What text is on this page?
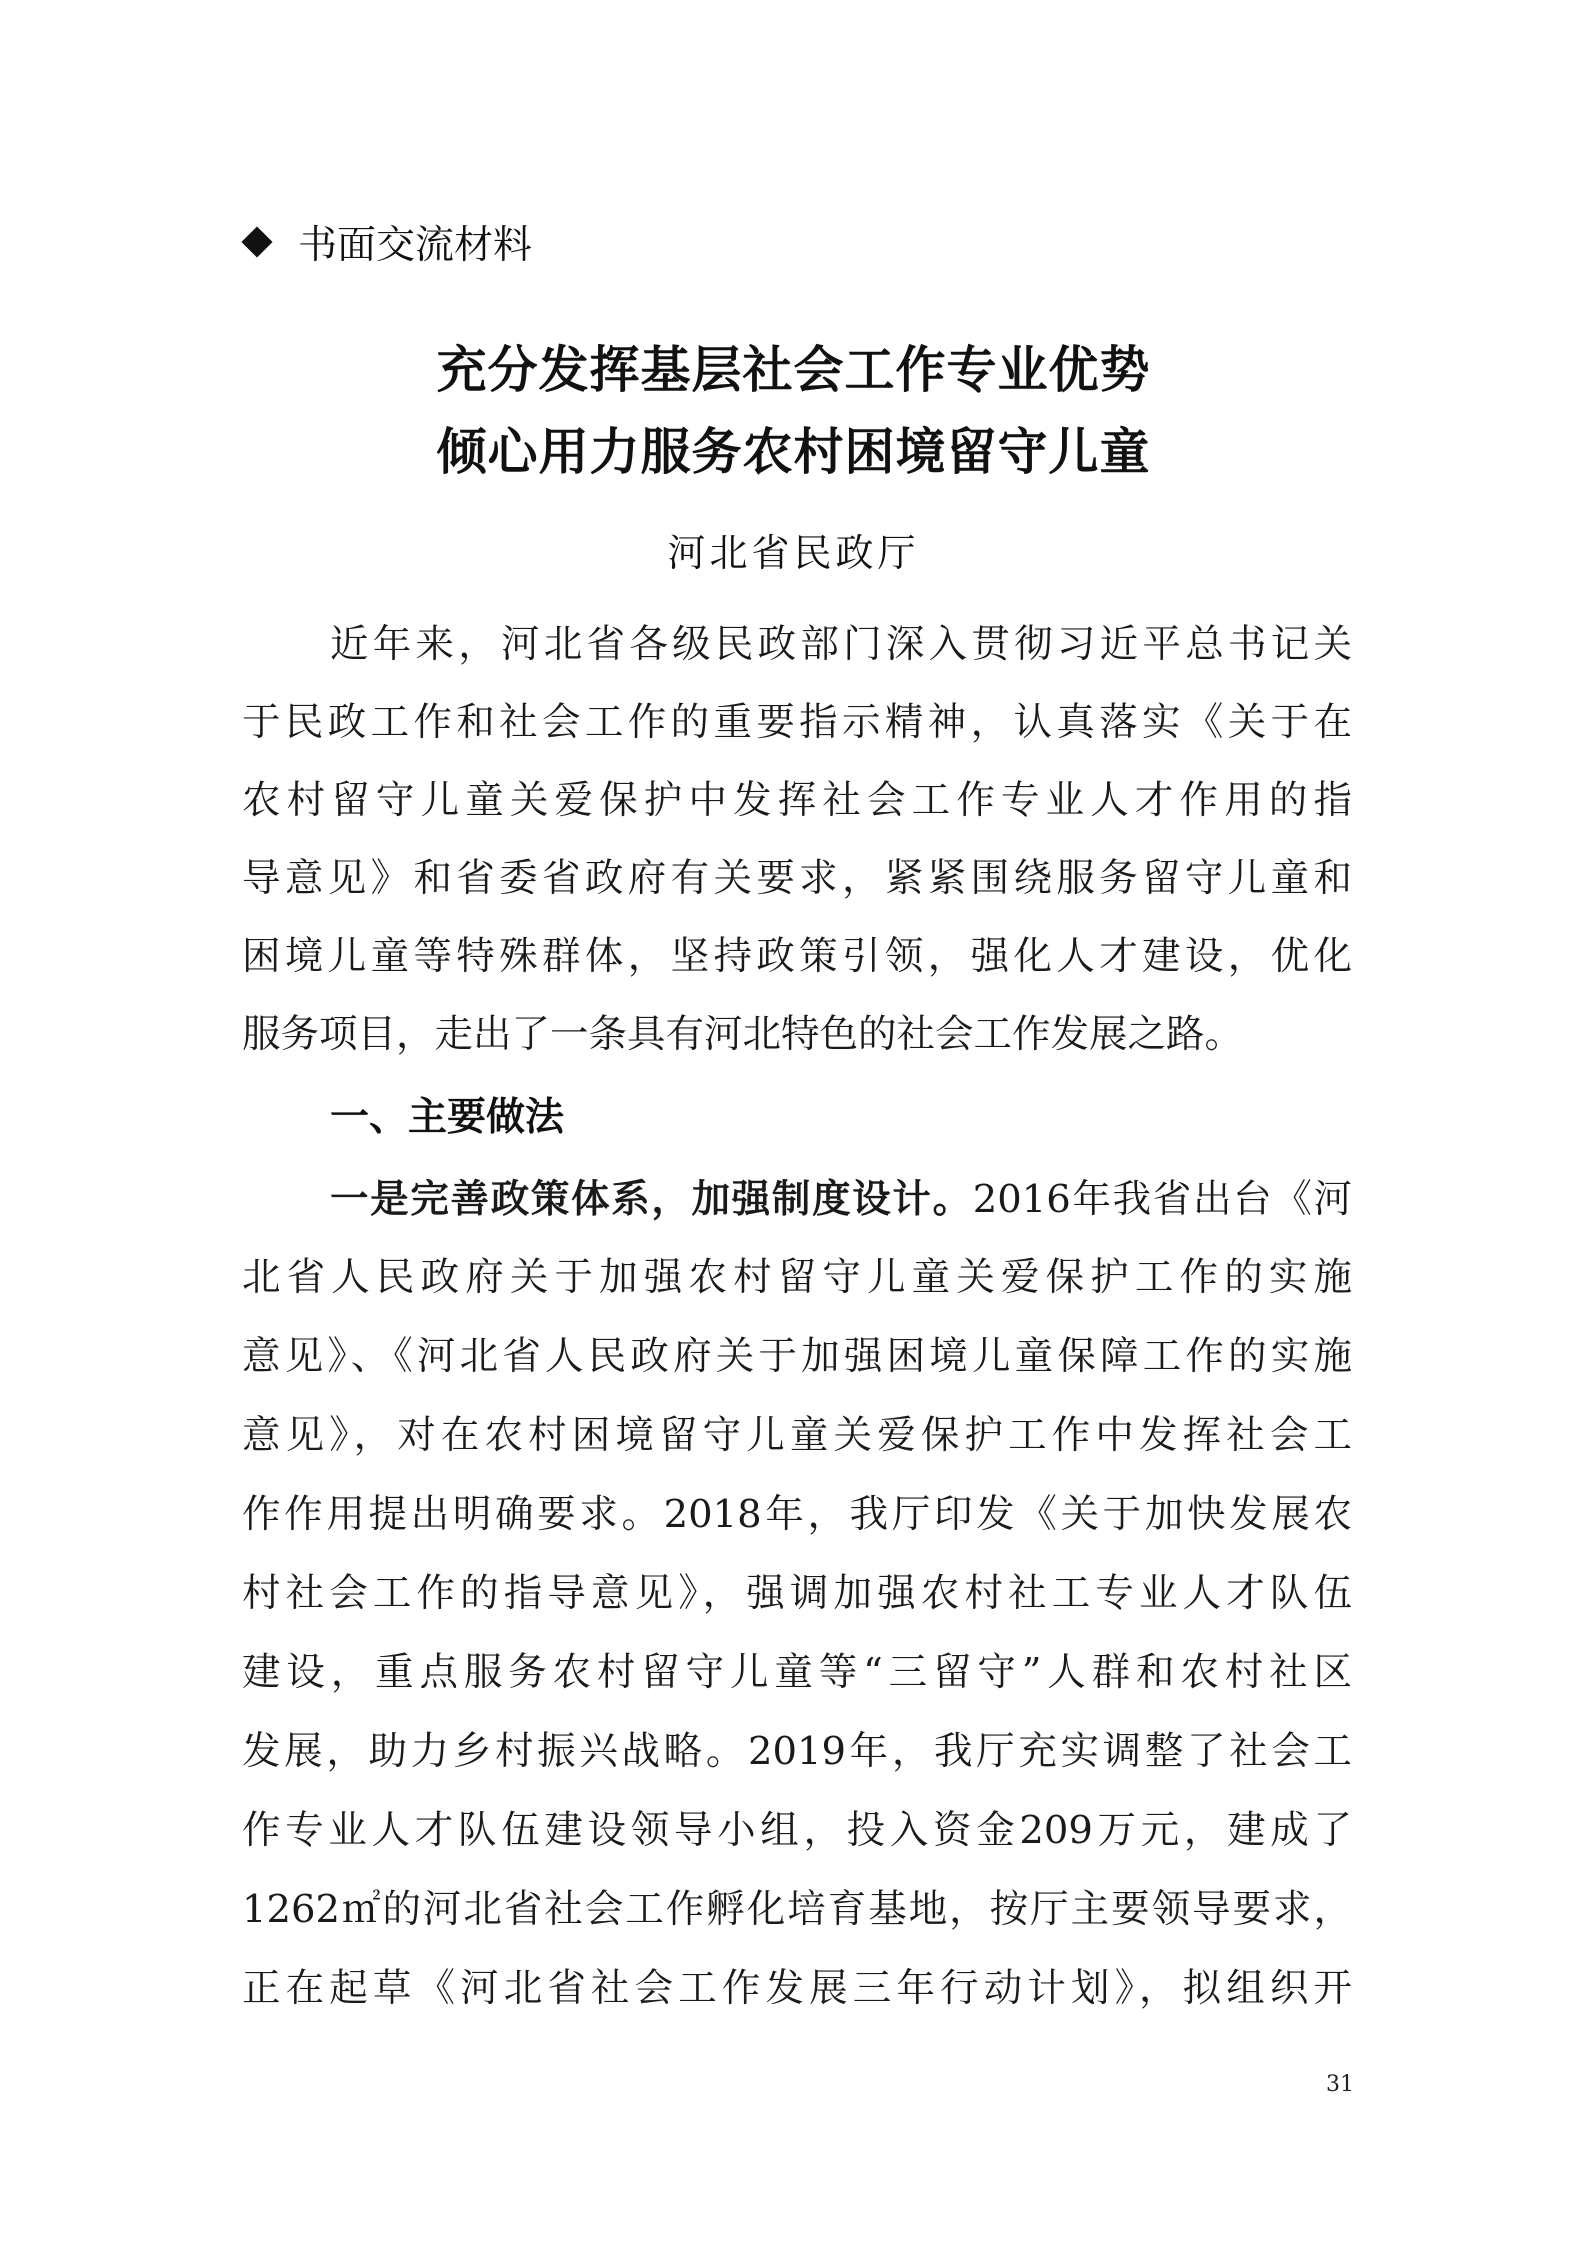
书面交流材料
充分发挥基层社会工作专业优势
倾心用力服务农村困境留守儿童
河北省民政厅
近年来，河北省各级民政部门深入贯彻习近平总书记关
于民政工作和社会工作的重要指示精神，认真落实《关于在
农村留守儿童关爱保护中发挥社会工作专业人才作用的指
导意见》和省委省政府有关要求，紧紧围绕服务留守儿童和
困境儿童等特殊群体，坚持政策引领，强化人才建设，优化
服务项目，走出了一条具有河北特色的社会工作发展之路。
一、主要做法
一是完善政策体系，加强制度设计。2016年我省出台《河
北省人民政府关于加强农村留守儿童关爱保护工作的实施
意见》、《河北省人民政府关于加强困境儿童保障工作的实施
意见》，对在农村困境留守儿童关爱保护工作中发挥社会工
作作用提出明确要求。2018年，我厅印发《关于加快发展农
村社会工作的指导意见》，强调加强农村社工专业人才队伍
建设，重点服务农村留守儿童等“三留守”人群和农村社区
发展，助力乡村振兴战略。2019年，我厅充实调整了社会工
作专业人才队伍建设领导小组，投入资金209万元，建成了
1262㎡的河北省社会工作孵化培育基地，按厅主要领导要求，
正在起草《河北省社会工作发展三年行动计划》，拟组织开
31
